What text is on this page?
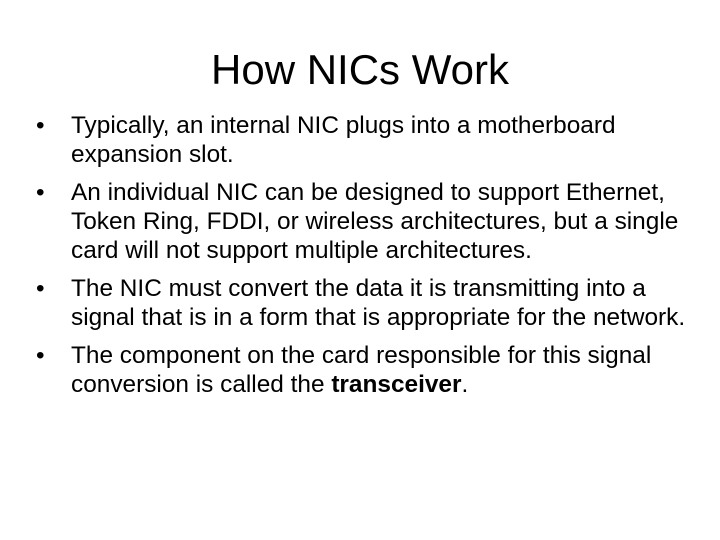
How NICs Work
•	Typically, an internal NIC plugs into a motherboard expansion slot.
•	An individual NIC can be designed to support Ethernet, Token Ring, FDDI, or wireless architectures, but a single card will not support multiple architectures.
•	The NIC must convert the data it is transmitting into a signal that is in a form that is appropriate for the network.
•	The component on the card responsible for this signal conversion is called the transceiver.
